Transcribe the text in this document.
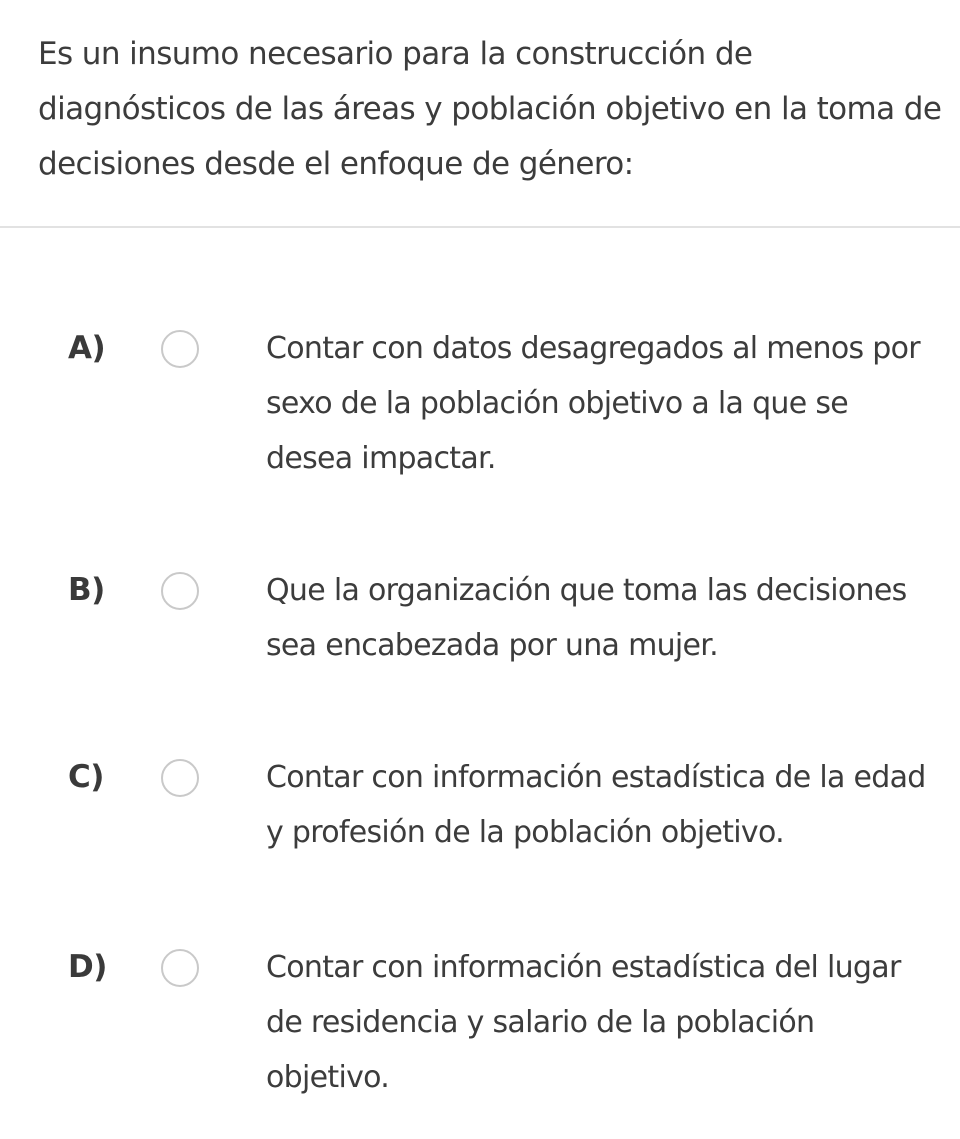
Es un insumo necesario para la construcción de diagnósticos de las áreas y población objetivo en la toma de decisiones desde el enfoque de género:

A)	Contar con datos desagregados al menos por sexo de la población objetivo a la que se desea impactar.
B)	Que la organización que toma las decisiones sea encabezada por una mujer.
C)	Contar con información estadística de la edad y profesión de la población objetivo.
D)	Contar con información estadística del lugar de residencia y salario de la población objetivo.
